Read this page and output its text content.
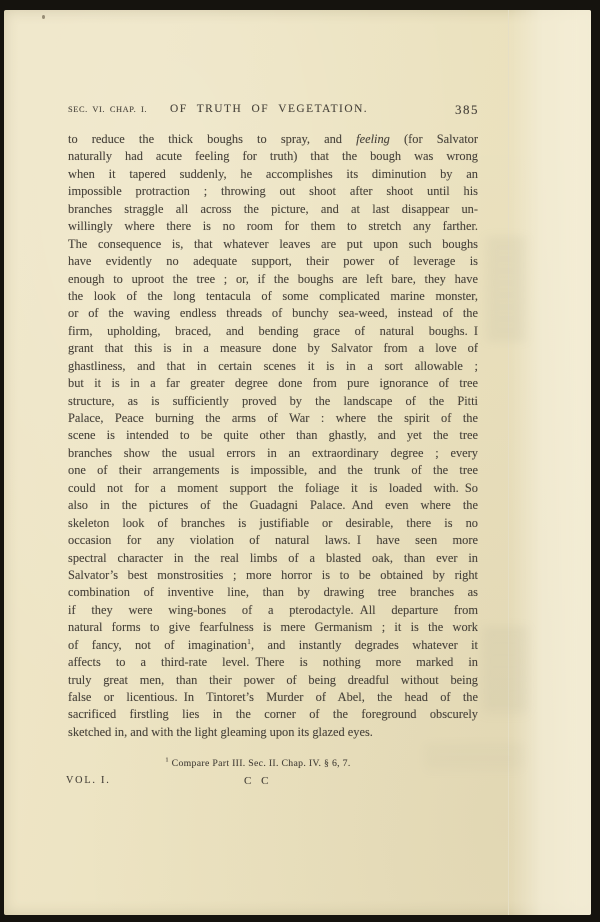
SEC. VI. CHAP. I. OF TRUTH OF VEGETATION.	385
to reduce the thick boughs to spray, and feeling (for Salvator
naturally had acute feeling for truth) that the bough was wrong
when it tapered suddenly, he accomplishes its diminution by an
impossible protraction ; throwing out shoot after shoot until his
branches straggle all across the picture, and at last disappear un-
willingly where there is no room for them to stretch any farther.
The consequence is, that whatever leaves are put upon such boughs
have evidently no adequate support, their power of leverage is
enough to uproot the tree ; or, if the boughs are left bare, they have
the look of the long tentacula of some complicated marine monster,
or of the waving endless threads of bunchy sea-weed, instead of the
firm, upholding, braced, and bending grace of natural boughs. I
grant that this is in a measure done by Salvator from a love of
ghastliness, and that in certain scenes it is in a sort allowable ;
but it is in a far greater degree done from pure ignorance of tree
structure, as is sufficiently proved by the landscape of the Pitti
Palace, Peace burning the arms of War : where the spirit of the
scene is intended to be quite other than ghastly, and yet the tree
branches show the usual errors in an extraordinary degree ; every
one of their arrangements is impossible, and the trunk of the tree
could not for a moment support the foliage it is loaded with. So
also in the pictures of the Guadagni Palace. And even where the
skeleton look of branches is justifiable or desirable, there is no
occasion for any violation of natural laws. I have seen more
spectral character in the real limbs of a blasted oak, than ever in
Salvator’s best monstrosities ; more horror is to be obtained by right
combination of inventive line, than by drawing tree branches as
if they were wing-bones of a pterodactyle. All departure from
natural forms to give fearfulness is mere Germanism ; it is the work
of fancy, not of imagination$^1$, and instantly degrades whatever it
affects to a third-rate level. There is nothing more marked in
truly great men, than their power of being dreadful without being
false or licentious. In Tintoret’s Murder of Abel, the head of the
sacrificed firstling lies in the corner of the foreground obscurely
sketched in, and with the light gleaming upon its glazed eyes.
$^1$ Compare Part III. Sec. II. Chap. IV. § 6, 7.
VOL. I.	C C
